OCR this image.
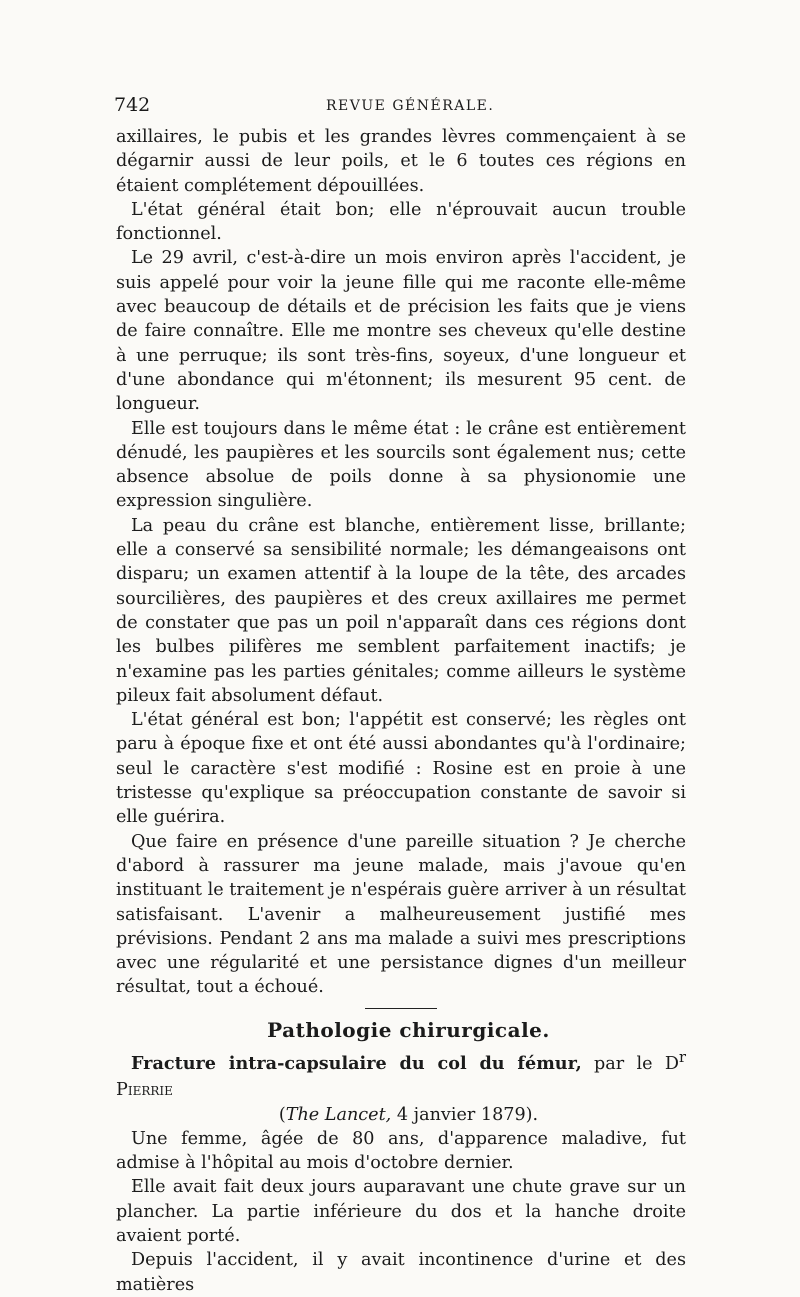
742	REVUE GÉNÉRALE.

axillaires, le pubis et les grandes lèvres commençaient à se dégarnir aussi de leur poils, et le 6 toutes ces régions en étaient complétement dépouillées.

L'état général était bon; elle n'éprouvait aucun trouble fonctionnel.

Le 29 avril, c'est-à-dire un mois environ après l'accident, je suis appelé pour voir la jeune fille qui me raconte elle-même avec beaucoup de détails et de précision les faits que je viens de faire connaître. Elle me montre ses cheveux qu'elle destine à une perruque; ils sont très-fins, soyeux, d'une longueur et d'une abondance qui m'étonnent; ils mesurent 95 cent. de longueur.

Elle est toujours dans le même état : le crâne est entièrement dénudé, les paupières et les sourcils sont également nus; cette absence absolue de poils donne à sa physionomie une expression singulière.

La peau du crâne est blanche, entièrement lisse, brillante; elle a conservé sa sensibilité normale; les démangeaisons ont disparu; un examen attentif à la loupe de la tête, des arcades sourcilières, des paupières et des creux axillaires me permet de constater que pas un poil n'apparaît dans ces régions dont les bulbes pilifères me semblent parfaitement inactifs; je n'examine pas les parties génitales; comme ailleurs le système pileux fait absolument défaut.

L'état général est bon; l'appétit est conservé; les règles ont paru à époque fixe et ont été aussi abondantes qu'à l'ordinaire; seul le caractère s'est modifié : Rosine est en proie à une tristesse qu'explique sa préoccupation constante de savoir si elle guérira.

Que faire en présence d'une pareille situation ? Je cherche d'abord à rassurer ma jeune malade, mais j'avoue qu'en instituant le traitement je n'espérais guère arriver à un résultat satisfaisant. L'avenir a malheureusement justifié mes prévisions. Pendant 2 ans ma malade a suivi mes prescriptions avec une régularité et une persistance dignes d'un meilleur résultat, tout a échoué.

Pathologie chirurgicale.

Fracture intra-capsulaire du col du fémur, par le $D^r$ Pierrie

(The Lancet, 4 janvier 1879).

Une femme, âgée de 80 ans, d'apparence maladive, fut admise à l'hôpital au mois d'octobre dernier.

Elle avait fait deux jours auparavant une chute grave sur un plancher. La partie inférieure du dos et la hanche droite avaient porté.

Depuis l'accident, il y avait incontinence d'urine et des matières
